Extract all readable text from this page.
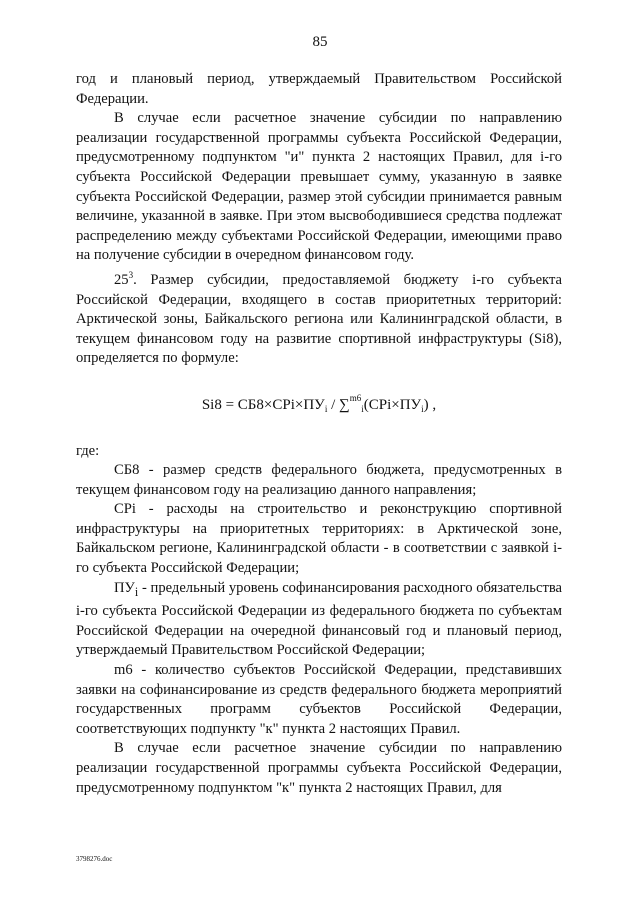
85

год и плановый период, утверждаемый Правительством Российской Федерации.

В случае если расчетное значение субсидии по направлению реализации государственной программы субъекта Российской Федерации, предусмотренному подпунктом "и" пункта 2 настоящих Правил, для i-го субъекта Российской Федерации превышает сумму, указанную в заявке субъекта Российской Федерации, размер этой субсидии принимается равным величине, указанной в заявке. При этом высвободившиеся средства подлежат распределению между субъектами Российской Федерации, имеющими право на получение субсидии в очередном финансовом году.

25$^3$. Размер субсидии, предоставляемой бюджету i-го субъекта Российской Федерации, входящего в состав приоритетных территорий: Арктической зоны, Байкальского региона или Калининградской области, в текущем финансовом году на развитие спортивной инфраструктуры (Si8), определяется по формуле:

$Si8 = СБ8\times СРi\times ПУ_i / \sum^{m6}_i(СРi\times ПУ_i)$ ,

где:

СБ8 - размер средств федерального бюджета, предусмотренных в текущем финансовом году на реализацию данного направления;

СРi - расходы на строительство и реконструкцию спортивной инфраструктуры на приоритетных территориях: в Арктической зоне, Байкальском регионе, Калининградской области - в соответствии с заявкой i-го субъекта Российской Федерации;

$ПУ_i$ - предельный уровень софинансирования расходного обязательства i-го субъекта Российской Федерации из федерального бюджета по субъектам Российской Федерации на очередной финансовый год и плановый период, утверждаемый Правительством Российской Федерации;

m6 - количество субъектов Российской Федерации, представивших заявки на софинансирование из средств федерального бюджета мероприятий государственных программ субъектов Российской Федерации, соответствующих подпункту "к" пункта 2 настоящих Правил.

В случае если расчетное значение субсидии по направлению реализации государственной программы субъекта Российской Федерации, предусмотренному подпунктом "к" пункта 2 настоящих Правил, для

3798276.doc
